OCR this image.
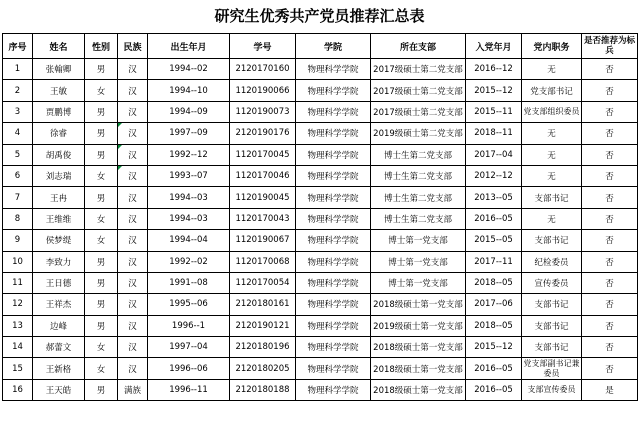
研究生优秀共产党员推荐汇总表
序号	姓名	性别	民族	出生年月	学号	学院	所在支部	入党年月	党内职务	是否推荐为标兵
1	张翰卿	男	汉	1994--02	2120170160	物理科学学院	2017级硕士第二党支部	2016--12	无	否
2	王敏	女	汉	1994--10	1120190066	物理科学学院	2017级硕士第二党支部	2015--12	党支部书记	否
3	贾鹏博	男	汉	1994--09	1120190073	物理科学学院	2017级硕士第二党支部	2015--11	党支部组织委员	否
4	徐睿	男	汉	1997--09	2120190176	物理科学学院	2019级硕士第二党支部	2018--11	无	否
5	胡禹俊	男	汉	1992--12	1120170045	物理科学学院	博士生第二党支部	2017--04	无	否
6	刘志瑞	女	汉	1993--07	1120170046	物理科学学院	博士生第二党支部	2012--12	无	否
7	王冉	男	汉	1994--03	1120190045	物理科学学院	博士生第二党支部	2013--05	支部书记	否
8	王维维	女	汉	1994--03	1120170043	物理科学学院	博士生第二党支部	2016--05	无	否
9	侯梦缇	女	汉	1994--04	1120190067	物理科学学院	博士第一党支部	2015--05	支部书记	否
10	李致力	男	汉	1992--02	1120170068	物理科学学院	博士第一党支部	2017--11	纪检委员	否
11	王日德	男	汉	1991--08	1120170054	物理科学学院	博士第一党支部	2018--05	宣传委员	否
12	王祥杰	男	汉	1995--06	2120180161	物理科学学院	2018级硕士第一党支部	2017--06	支部书记	否
13	边峰	男	汉	1996--1	2120190121	物理科学学院	2019级硕士第一党支部	2018--05	支部书记	否
14	郝蕾文	女	汉	1997--04	2120180196	物理科学学院	2018级硕士第一党支部	2015--12	支部书记	否
15	王新格	女	汉	1996--06	2120180205	物理科学学院	2018级硕士第一党支部	2016--05	党支部副书记兼委员	否
16	王天皓	男	满族	1996--11	2120180188	物理科学学院	2018级硕士第一党支部	2016--05	支部宣传委员	是
